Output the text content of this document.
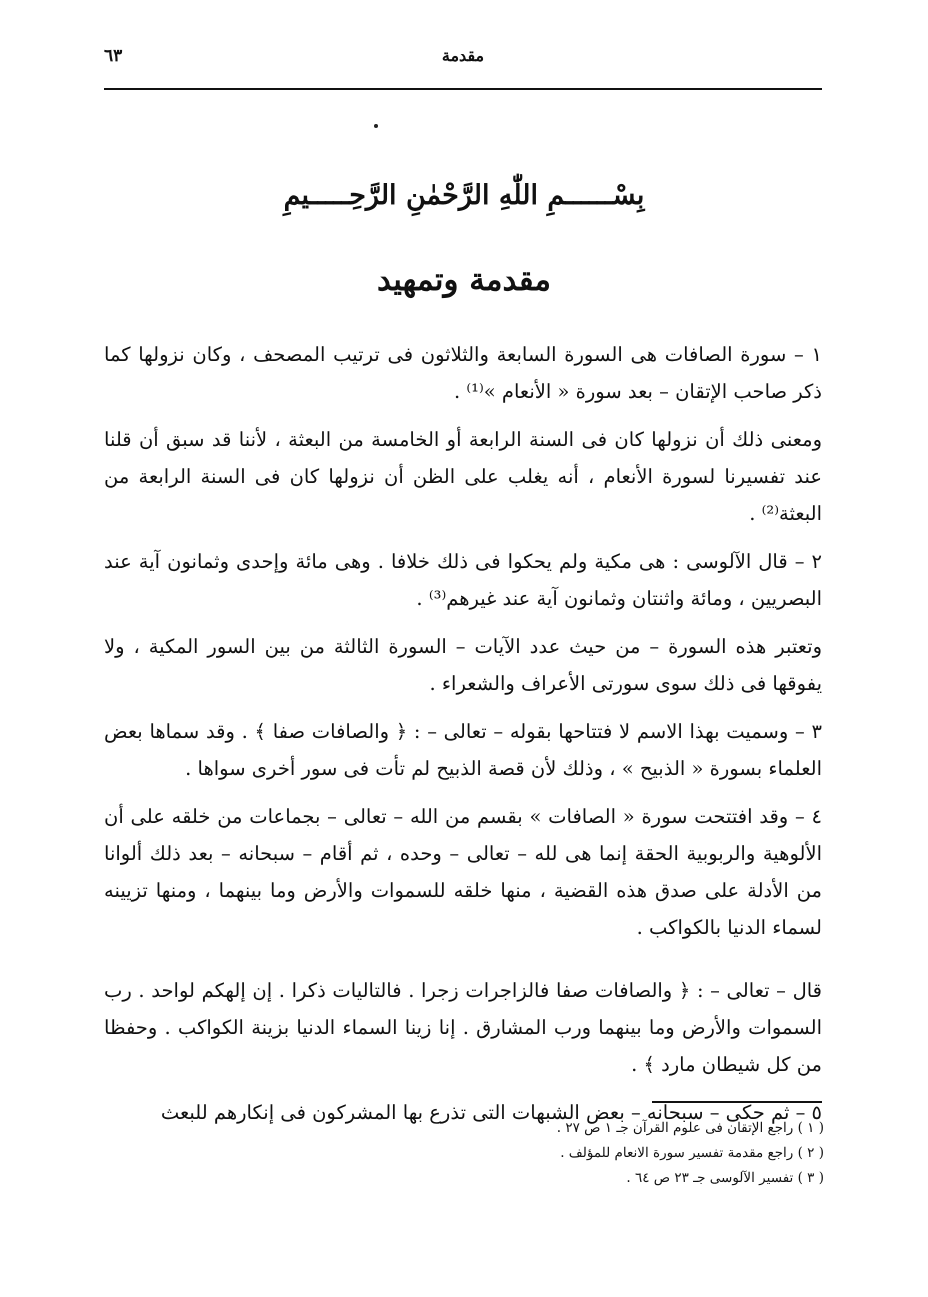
مقدمة
٦٣
بِسْــــــمِ اللّٰهِ الرَّحْمٰنِ الرَّحِـــــيمِ
مقدمة وتمهيد

١ – سورة الصافات هى السورة السابعة والثلاثون فى ترتيب المصحف ، وكان نزولها كما ذكر صاحب الإتقان – بعد سورة « الأنعام »⁽¹⁾ .

ومعنى ذلك أن نزولها كان فى السنة الرابعة أو الخامسة من البعثة ، لأننا قد سبق أن قلنا عند تفسيرنا لسورة الأنعام ، أنه يغلب على الظن أن نزولها كان فى السنة الرابعة من البعثة⁽²⁾ .

٢ – قال الآلوسى : هى مكية ولم يحكوا فى ذلك خلافا . وهى مائة وإحدى وثمانون آية عند البصريين ، ومائة واثنتان وثمانون آية عند غيرهم⁽³⁾ .

وتعتبر هذه السورة – من حيث عدد الآيات – السورة الثالثة من بين السور المكية ، ولا يفوقها فى ذلك سوى سورتى الأعراف والشعراء .

٣ – وسميت بهذا الاسم لا فتتاحها بقوله – تعالى – : ﴿ والصافات صفا ﴾ . وقد سماها بعض العلماء بسورة « الذبيح » ، وذلك لأن قصة الذبيح لم تأت فى سور أخرى سواها .

٤ – وقد افتتحت سورة « الصافات » بقسم من الله – تعالى – بجماعات من خلقه على أن الألوهية والربوبية الحقة إنما هى لله – تعالى – وحده ، ثم أقام – سبحانه – بعد ذلك ألوانا من الأدلة على صدق هذه القضية ، منها خلقه للسموات والأرض وما بينهما ، ومنها تزيينه لسماء الدنيا بالكواكب .

قال – تعالى – : ﴿ والصافات صفا فالزاجرات زجرا . فالتاليات ذكرا . إن إلهكم لواحد . رب السموات والأرض وما بينهما ورب المشارق . إنا زينا السماء الدنيا بزينة الكواكب . وحفظا من كل شيطان مارد ﴾ .

٥ – ثم حكى – سبحانه – بعض الشبهات التى تذرع بها المشركون فى إنكارهم للبعث

( ١ ) راجع الإتقان فى علوم القرآن جـ ١ ص ٢٧ .
( ٢ ) راجع مقدمة تفسير سورة الانعام للمؤلف .
( ٣ ) تفسير الآلوسى جـ ٢٣ ص ٦٤ .
